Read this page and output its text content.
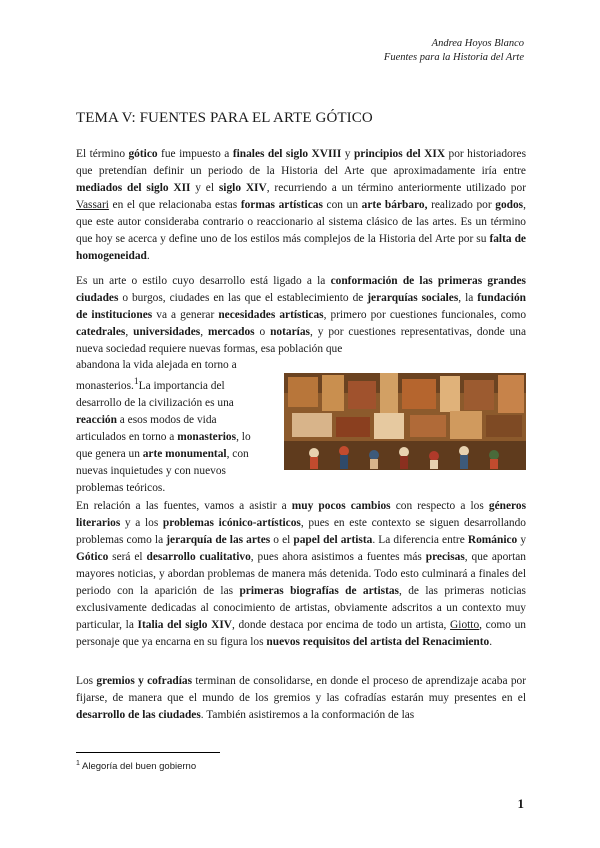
Andrea Hoyos Blanco
Fuentes para la Historia del Arte
TEMA V: FUENTES PARA EL ARTE GÓTICO

El término gótico fue impuesto a finales del siglo XVIII y principios del XIX por historiadores que pretendían definir un periodo de la Historia del Arte que aproximadamente iría entre mediados del siglo XII y el siglo XIV, recurriendo a un término anteriormente utilizado por Vassari en el que relacionaba estas formas artísticas con un arte bárbaro, realizado por godos, que este autor consideraba contrario o reaccionario al sistema clásico de las artes. Es un término que hoy se acerca y define uno de los estilos más complejos de la Historia del Arte por su falta de homogeneidad.

Es un arte o estilo cuyo desarrollo está ligado a la conformación de las primeras grandes ciudades o burgos, ciudades en las que el establecimiento de jerarquías sociales, la fundación de instituciones va a generar necesidades artísticas, primero por cuestiones funcionales, como catedrales, universidades, mercados o notarías, y por cuestiones representativas, donde una nueva sociedad requiere nuevas formas, esa población que

abandona la vida alejada en torno a monasterios.$^1$La importancia del desarrollo de la civilización es una reacción a esos modos de vida articulados en torno a monasterios, lo que genera un arte monumental, con nuevas inquietudes y con nuevos problemas teóricos.

En relación a las fuentes, vamos a asistir a muy pocos cambios con respecto a los géneros literarios y a los problemas icónico-artísticos, pues en este contexto se siguen desarrollando problemas como la jerarquía de las artes o el papel del artista. La diferencia entre Románico y Gótico será el desarrollo cualitativo, pues ahora asistimos a fuentes más precisas, que aportan mayores noticias, y abordan problemas de manera más detenida. Todo esto culminará a finales del periodo con la aparición de las primeras biografías de artistas, de las primeras noticias exclusivamente dedicadas al conocimiento de artistas, obviamente adscritos a un contexto muy particular, la Italia del siglo XIV, donde destaca por encima de todo un artista, Giotto, como un personaje que ya encarna en su figura los nuevos requisitos del artista del Renacimiento.

Los gremios y cofradías terminan de consolidarse, en donde el proceso de aprendizaje acaba por fijarse, de manera que el mundo de los gremios y las cofradías estarán muy presentes en el desarrollo de las ciudades. También asistiremos a la conformación de las

$^1$ Alegoría del buen gobierno
1
